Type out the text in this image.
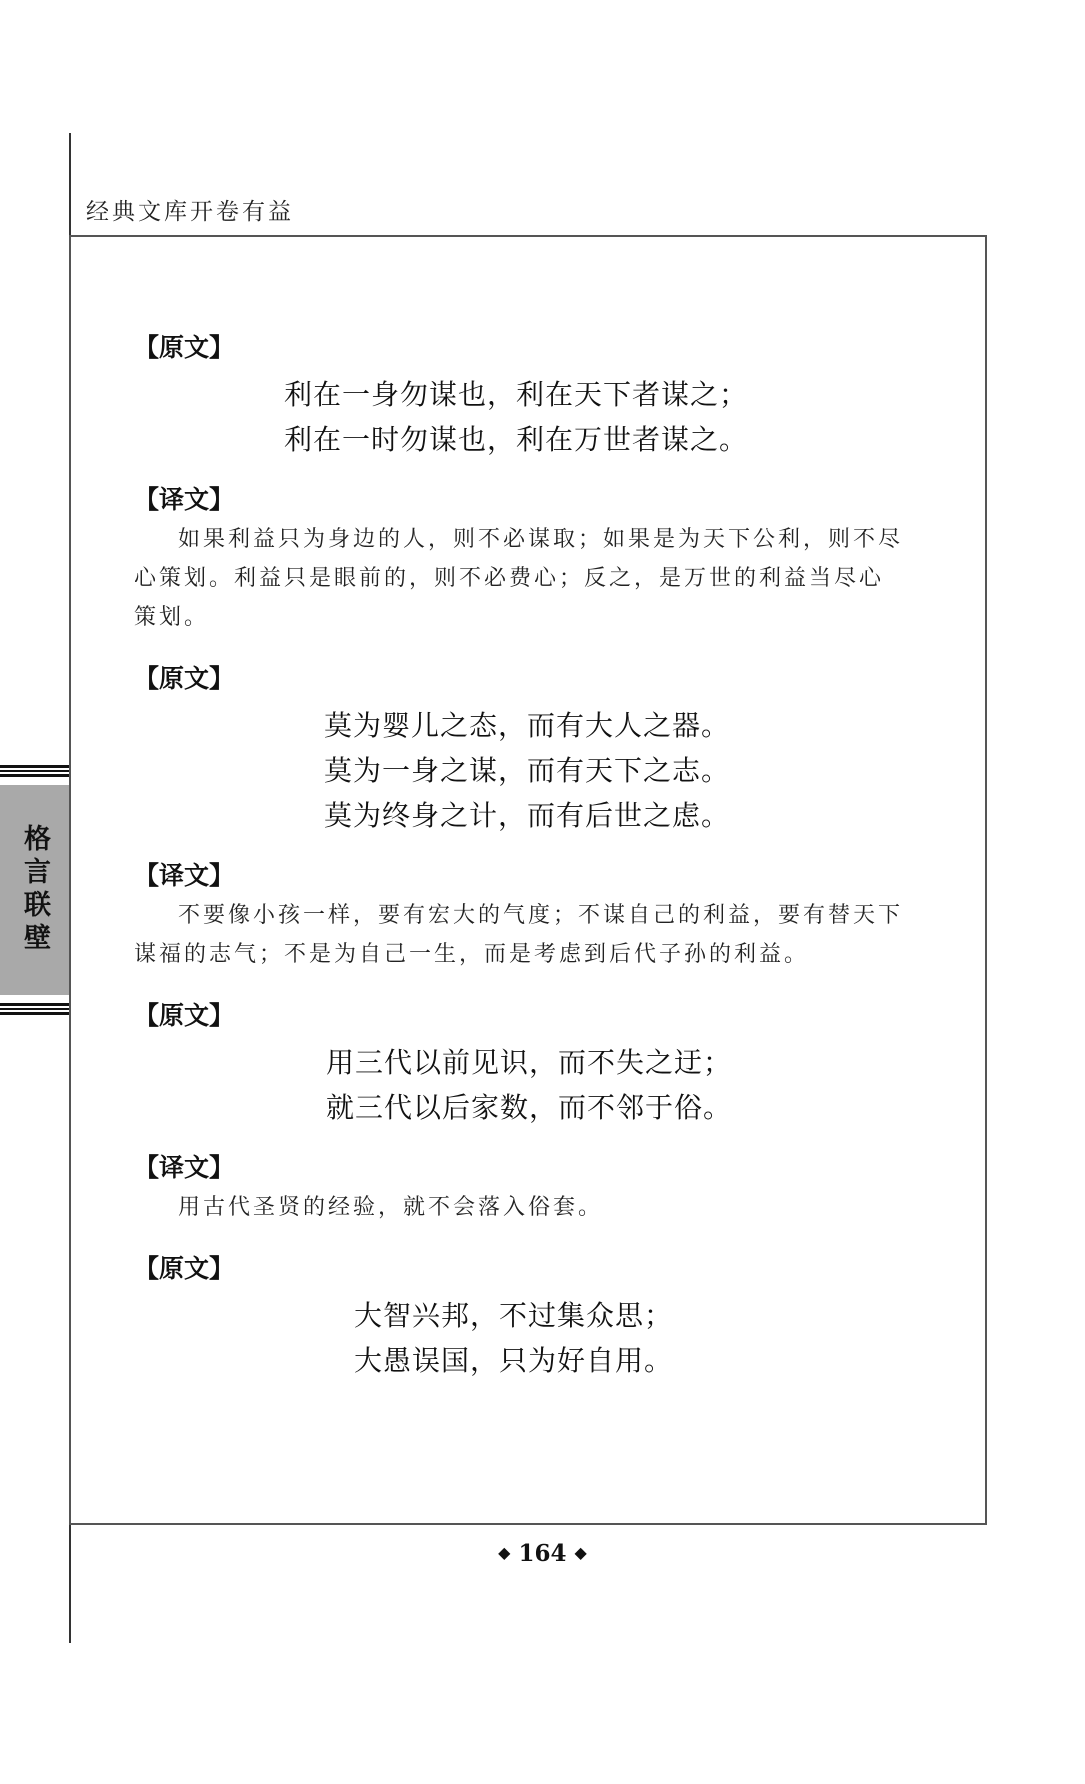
经典文库开卷有益
格言联壁
【原文】
利在一身勿谋也，利在天下者谋之；
利在一时勿谋也，利在万世者谋之。
【译文】
如果利益只为身边的人，则不必谋取；如果是为天下公利，则不尽心策划。利益只是眼前的，则不必费心；反之，是万世的利益当尽心策划。
【原文】
莫为婴儿之态，而有大人之器。
莫为一身之谋，而有天下之志。
莫为终身之计，而有后世之虑。
【译文】
不要像小孩一样，要有宏大的气度；不谋自己的利益，要有替天下谋福的志气；不是为自己一生，而是考虑到后代子孙的利益。
【原文】
用三代以前见识，而不失之迂；
就三代以后家数，而不邻于俗。
【译文】
用古代圣贤的经验，就不会落入俗套。
【原文】
大智兴邦，不过集众思；
大愚误国，只为好自用。
◆ 164 ◆
